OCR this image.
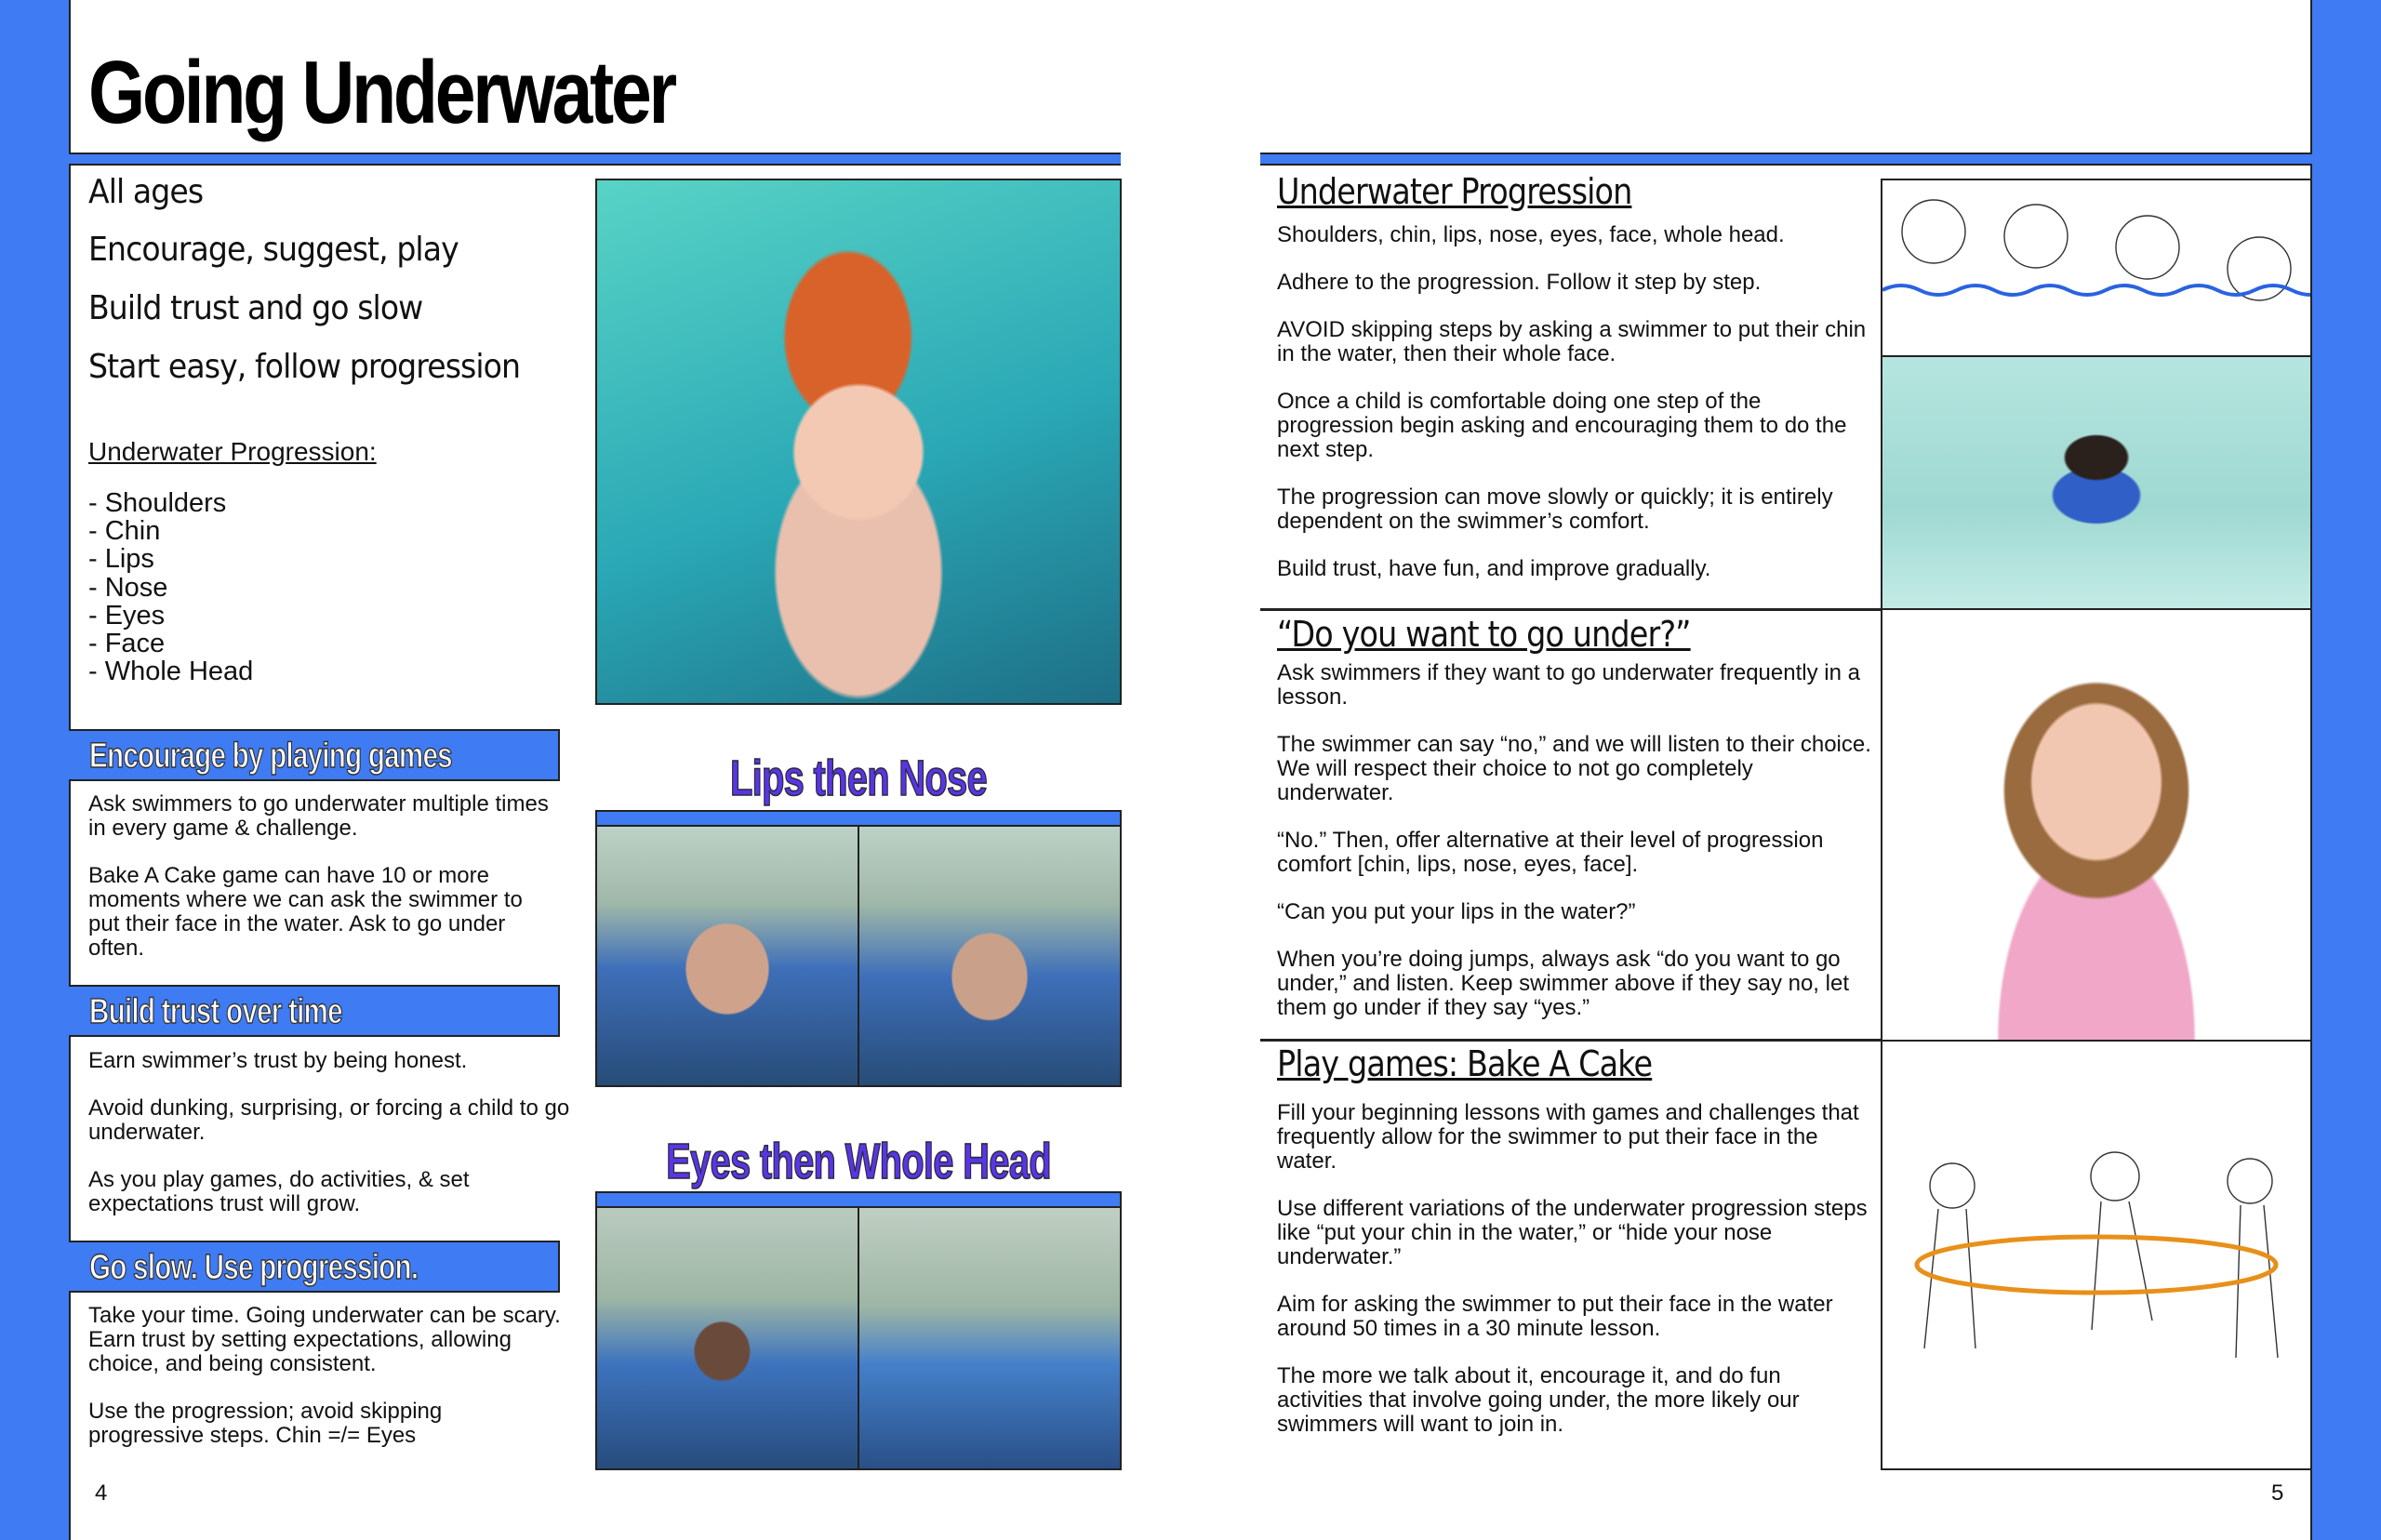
Going Underwater
All ages
Encourage, suggest, play
Build trust and go slow
Start easy, follow progression
Underwater Progression:
- Shoulders
- Chin
- Lips
- Nose
- Eyes
- Face
- Whole Head
Encourage by playing games

Ask swimmers to go underwater multiple times in every game & challenge.

Bake A Cake game can have 10 or more moments where we can ask the swimmer to put their face in the water. Ask to go under often.

Build trust over time

Earn swimmer’s trust by being honest.

Avoid dunking, surprising, or forcing a child to go underwater.

As you play games, do activities, & set expectations trust will grow.

Go slow. Use progression.

Take your time. Going underwater can be scary. Earn trust by setting expectations, allowing choice, and being consistent.

Use the progression; avoid skipping progressive steps. Chin =/= Eyes

Lips then Nose
Eyes then Whole Head
4
Underwater Progression

Shoulders, chin, lips, nose, eyes, face, whole head.

Adhere to the progression. Follow it step by step.

AVOID skipping steps by asking a swimmer to put their chin in the water, then their whole face.

Once a child is comfortable doing one step of the progression begin asking and encouraging them to do the next step.

The progression can move slowly or quickly; it is entirely dependent on the swimmer’s comfort.

Build trust, have fun, and improve gradually.

“Do you want to go under?”

Ask swimmers if they want to go underwater frequently in a lesson.

The swimmer can say “no,” and we will listen to their choice. We will respect their choice to not go completely underwater.

“No.” Then, offer alternative at their level of progression comfort [chin, lips, nose, eyes, face].

“Can you put your lips in the water?”

When you’re doing jumps, always ask “do you want to go under,” and listen. Keep swimmer above if they say no, let them go under if they say “yes.”

Play games: Bake A Cake

Fill your beginning lessons with games and challenges that frequently allow for the swimmer to put their face in the water.

Use different variations of the underwater progression steps like “put your chin in the water,” or “hide your nose underwater.”

Aim for asking the swimmer to put their face in the water around 50 times in a 30 minute lesson.

The more we talk about it, encourage it, and do fun activities that involve going under, the more likely our swimmers will want to join in.

5
